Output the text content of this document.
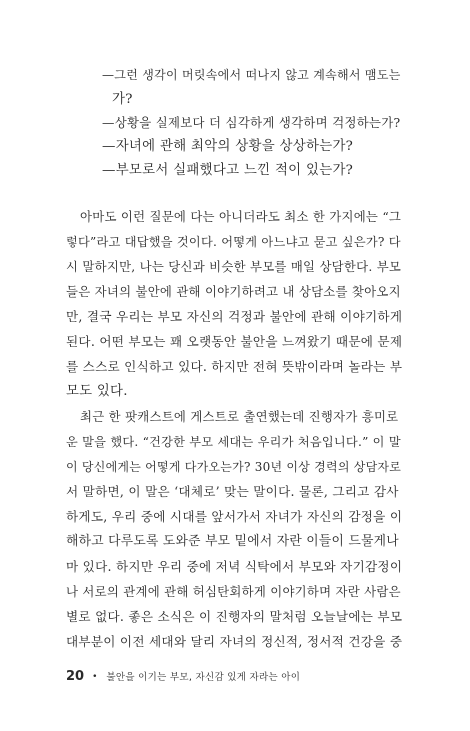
—그런 생각이 머릿속에서 떠나지 않고 계속해서 맴도는
가?
—상황을 실제보다 더 심각하게 생각하며 걱정하는가?
—자녀에 관해 최악의 상황을 상상하는가?
—부모로서 실패했다고 느낀 적이 있는가?
아마도 이런 질문에 다는 아니더라도 최소 한 가지에는 “그
렇다”라고 대답했을 것이다. 어떻게 아느냐고 묻고 싶은가? 다
시 말하지만, 나는 당신과 비슷한 부모를 매일 상담한다. 부모
들은 자녀의 불안에 관해 이야기하려고 내 상담소를 찾아오지
만, 결국 우리는 부모 자신의 걱정과 불안에 관해 이야기하게
된다. 어떤 부모는 꽤 오랫동안 불안을 느껴왔기 때문에 문제
를 스스로 인식하고 있다. 하지만 전혀 뜻밖이라며 놀라는 부
모도 있다.
최근 한 팟캐스트에 게스트로 출연했는데 진행자가 흥미로
운 말을 했다. “건강한 부모 세대는 우리가 처음입니다.” 이 말
이 당신에게는 어떻게 다가오는가? 30년 이상 경력의 상담자로
서 말하면, 이 말은 ‘대체로’ 맞는 말이다. 물론, 그리고 감사
하게도, 우리 중에 시대를 앞서가서 자녀가 자신의 감정을 이
해하고 다루도록 도와준 부모 밑에서 자란 이들이 드물게나
마 있다. 하지만 우리 중에 저녁 식탁에서 부모와 자기감정이
나 서로의 관계에 관해 허심탄회하게 이야기하며 자란 사람은
별로 없다. 좋은 소식은 이 진행자의 말처럼 오늘날에는 부모
대부분이 이전 세대와 달리 자녀의 정신적, 정서적 건강을 중
20 • 불안을 이기는 부모, 자신감 있게 자라는 아이
